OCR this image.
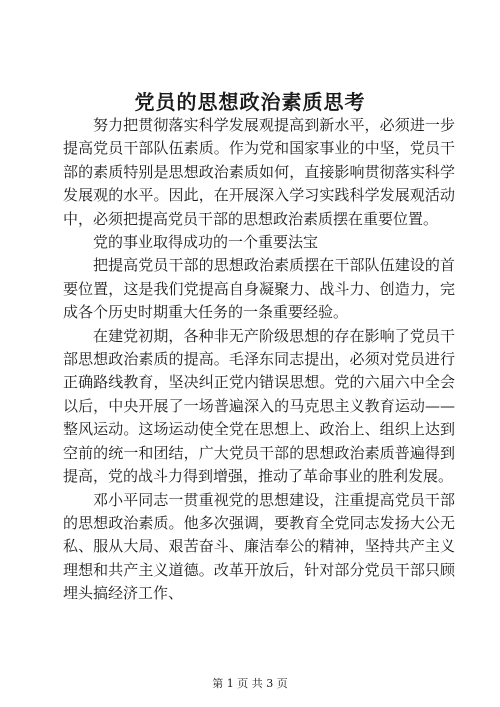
党员的思想政治素质思考

努力把贯彻落实科学发展观提高到新水平，必须进一步提高党员干部队伍素质。作为党和国家事业的中坚，党员干部的素质特别是思想政治素质如何，直接影响贯彻落实科学发展观的水平。因此，在开展深入学习实践科学发展观活动中，必须把提高党员干部的思想政治素质摆在重要位置。

党的事业取得成功的一个重要法宝

把提高党员干部的思想政治素质摆在干部队伍建设的首要位置，这是我们党提高自身凝聚力、战斗力、创造力，完成各个历史时期重大任务的一条重要经验。

在建党初期，各种非无产阶级思想的存在影响了党员干部思想政治素质的提高。毛泽东同志提出，必须对党员进行正确路线教育，坚决纠正党内错误思想。党的六届六中全会以后，中央开展了一场普遍深入的马克思主义教育运动——整风运动。这场运动使全党在思想上、政治上、组织上达到空前的统一和团结，广大党员干部的思想政治素质普遍得到提高，党的战斗力得到增强，推动了革命事业的胜利发展。

邓小平同志一贯重视党的思想建设，注重提高党员干部的思想政治素质。他多次强调，要教育全党同志发扬大公无私、服从大局、艰苦奋斗、廉洁奉公的精神，坚持共产主义理想和共产主义道德。改革开放后，针对部分党员干部只顾埋头搞经济工作、

第 1 页 共 3 页
